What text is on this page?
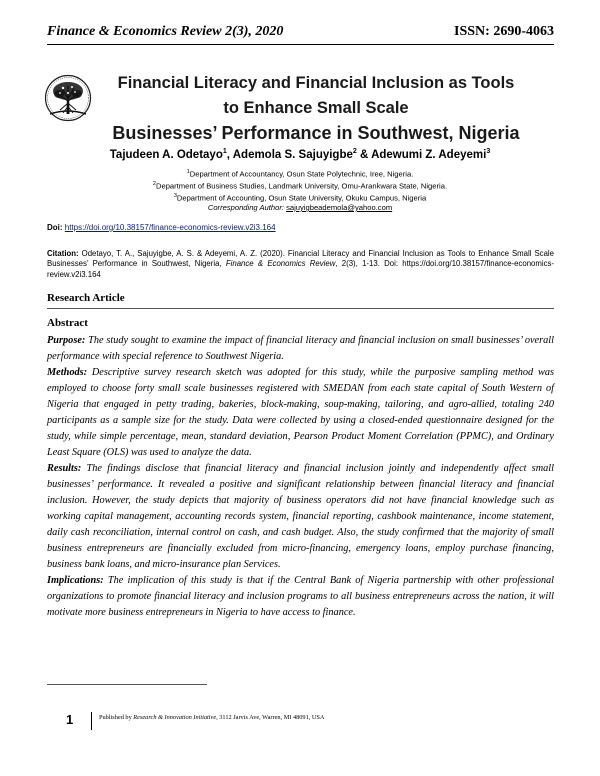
Finance & Economics Review 2(3), 2020	ISSN: 2690-4063
Financial Literacy and Financial Inclusion as Tools
to Enhance Small Scale
Businesses’ Performance in Southwest, Nigeria
Tajudeen A. Odetayo$^1$, Ademola S. Sajuyigbe$^2$ & Adewumi Z. Adeyemi$^3$
$^1$Department of Accountancy, Osun State Polytechnic, Iree, Nigeria.
$^2$Department of Business Studies, Landmark University, Omu-Arankwara State, Nigeria.
$^3$Department of Accounting, Osun State University, Okuku Campus, Nigeria
Corresponding Author: sajuyigbeademola@yahoo.com
Doi: https://doi.org/10.38157/finance-economics-review.v2i3.164
Citation: Odetayo, T. A., Sajuyigbe, A. S. & Adeyemi, A. Z. (2020). Financial Literacy and Financial Inclusion as Tools to Enhance Small Scale Businesses’ Performance in Southwest, Nigeria, Finance & Economics Review, 2(3), 1-13. Doi: https://doi.org/10.38157/finance-economics-review.v2i3.164
Research Article
Abstract

Purpose: The study sought to examine the impact of financial literacy and financial inclusion on small businesses’ overall performance with special reference to Southwest Nigeria.

Methods: Descriptive survey research sketch was adopted for this study, while the purposive sampling method was employed to choose forty small scale businesses registered with SMEDAN from each state capital of South Western of Nigeria that engaged in petty trading, bakeries, block-making, soup-making, tailoring, and agro-allied, totaling 240 participants as a sample size for the study. Data were collected by using a closed-ended questionnaire designed for the study, while simple percentage, mean, standard deviation, Pearson Product Moment Correlation (PPMC), and Ordinary Least Square (OLS) was used to analyze the data.

Results: The findings disclose that financial literacy and financial inclusion jointly and independently affect small businesses’ performance. It revealed a positive and significant relationship between financial literacy and financial inclusion. However, the study depicts that majority of business operators did not have financial knowledge such as working capital management, accounting records system, financial reporting, cashbook maintenance, income statement, daily cash reconciliation, internal control on cash, and cash budget. Also, the study confirmed that the majority of small business entrepreneurs are financially excluded from micro-financing, emergency loans, employ purchase financing, business bank loans, and micro-insurance plan Services.

Implications: The implication of this study is that if the Central Bank of Nigeria partnership with other professional organizations to promote financial literacy and inclusion programs to all business entrepreneurs across the nation, it will motivate more business entrepreneurs in Nigeria to have access to finance.

1	Published by Research & Innovation Initiative, 3112 Jarvis Ave, Warren, MI 48091, USA
